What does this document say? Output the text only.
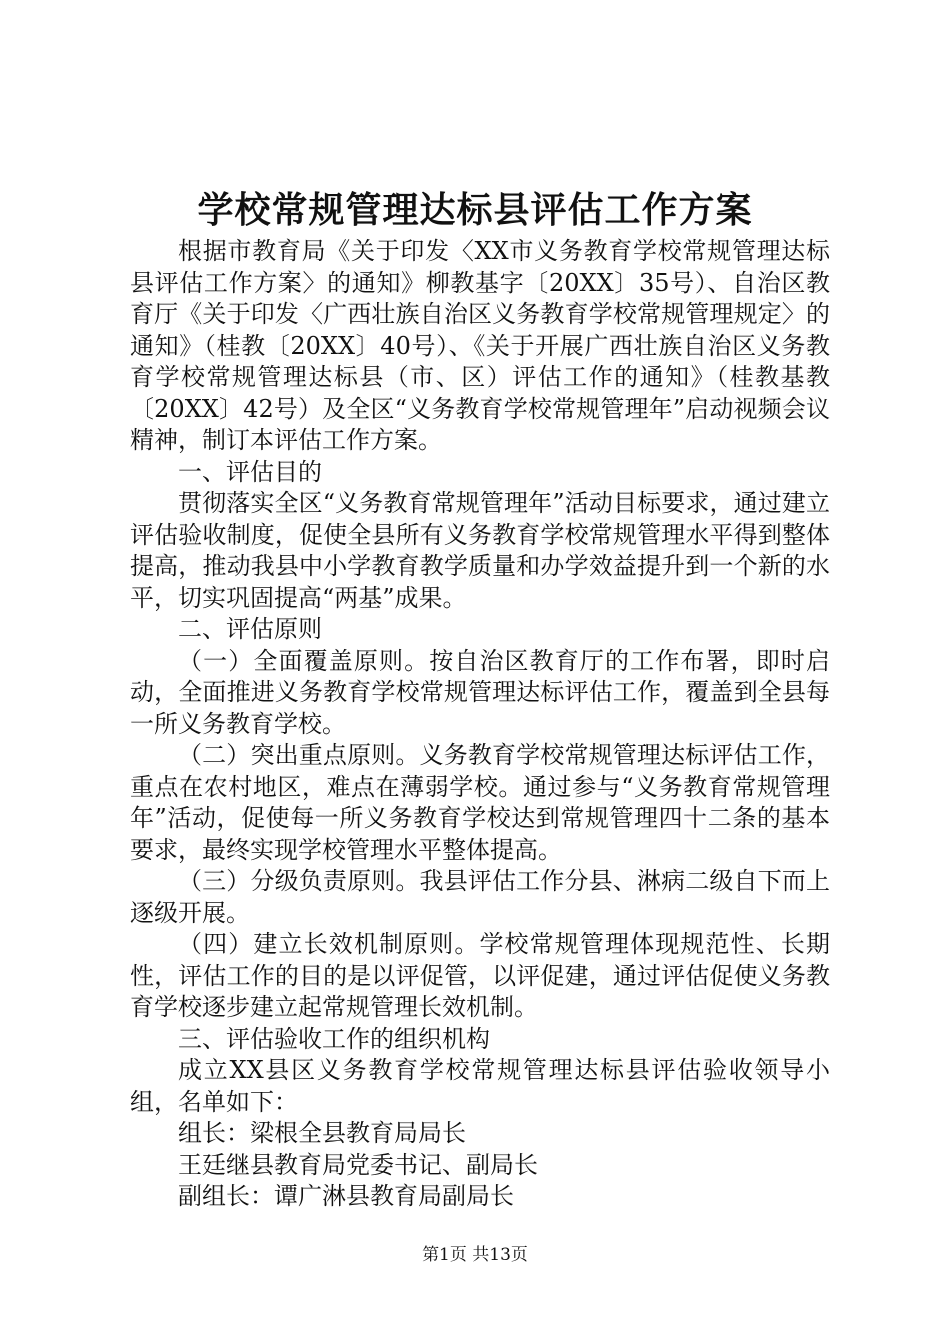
学校常规管理达标县评估工作方案

根据市教育局《关于印发〈XX市义务教育学校常规管理达标县评估工作方案〉的通知》柳教基字〔20XX〕35号）、自治区教育厅《关于印发〈广西壮族自治区义务教育学校常规管理规定〉的通知》（桂教〔20XX〕40号）、《关于开展广西壮族自治区义务教育学校常规管理达标县（市、区）评估工作的通知》（桂教基教〔20XX〕42号）及全区“义务教育学校常规管理年”启动视频会议精神，制订本评估工作方案。

一、评估目的

贯彻落实全区“义务教育常规管理年”活动目标要求，通过建立评估验收制度，促使全县所有义务教育学校常规管理水平得到整体提高，推动我县中小学教育教学质量和办学效益提升到一个新的水平，切实巩固提高“两基”成果。

二、评估原则

（一）全面覆盖原则。按自治区教育厅的工作布署，即时启动，全面推进义务教育学校常规管理达标评估工作，覆盖到全县每一所义务教育学校。

（二）突出重点原则。义务教育学校常规管理达标评估工作，重点在农村地区，难点在薄弱学校。通过参与“义务教育常规管理年”活动，促使每一所义务教育学校达到常规管理四十二条的基本要求，最终实现学校管理水平整体提高。

（三）分级负责原则。我县评估工作分县、淋病二级自下而上逐级开展。

（四）建立长效机制原则。学校常规管理体现规范性、长期性，评估工作的目的是以评促管，以评促建，通过评估促使义务教育学校逐步建立起常规管理长效机制。

三、评估验收工作的组织机构

成立XX县区义务教育学校常规管理达标县评估验收领导小组，名单如下：

组长：梁根全县教育局局长

王廷继县教育局党委书记、副局长

副组长：谭广淋县教育局副局长

第1页 共13页
